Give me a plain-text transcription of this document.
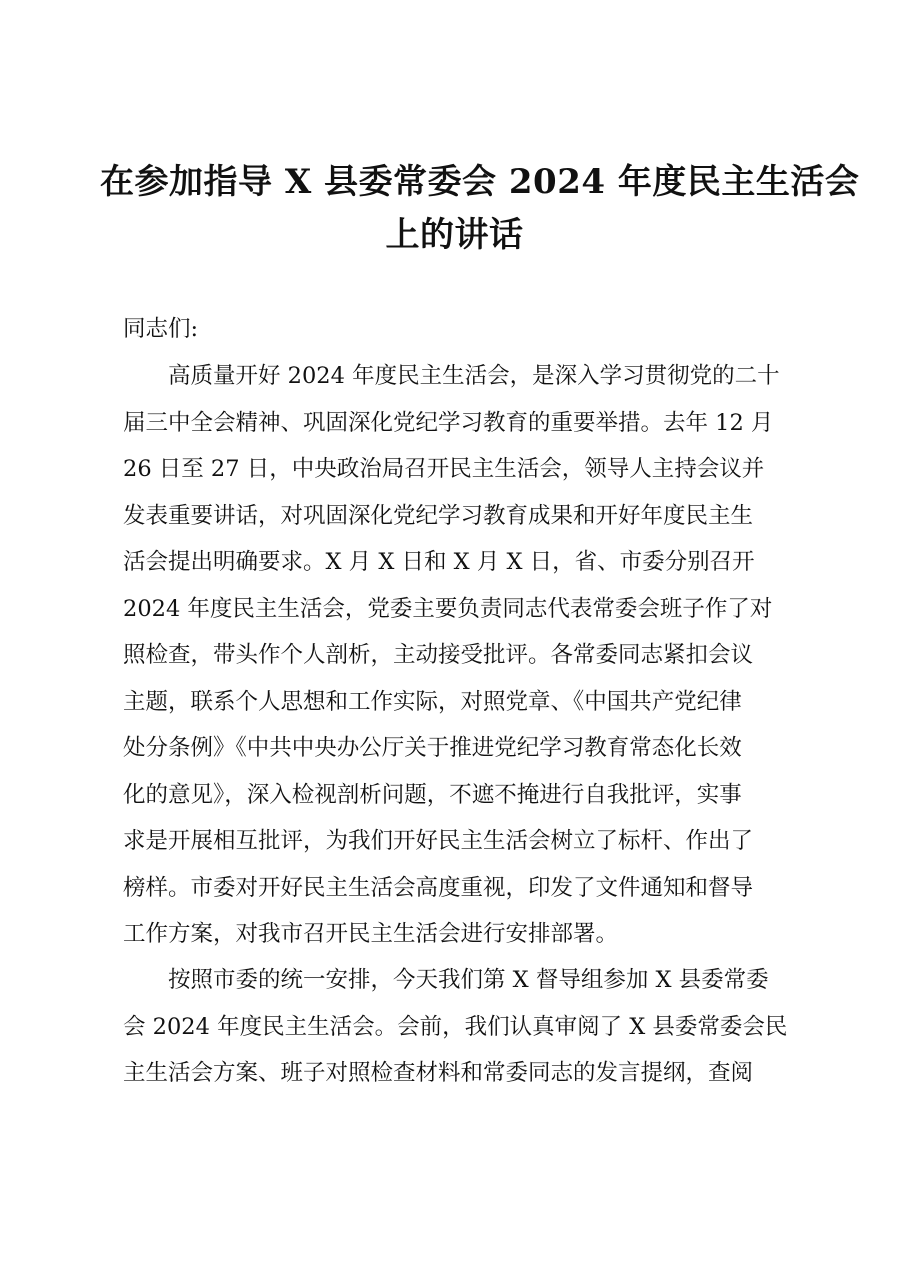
在参加指导 X 县委常委会 2024 年度民主生活会
上的讲话

同志们:

高质量开好 2024 年度民主生活会，是深入学习贯彻党的二十
届三中全会精神、巩固深化党纪学习教育的重要举措。去年 12 月
26 日至 27 日，中央政治局召开民主生活会，领导人主持会议并
发表重要讲话，对巩固深化党纪学习教育成果和开好年度民主生
活会提出明确要求。X 月 X 日和 X 月 X 日，省、市委分别召开
2024 年度民主生活会，党委主要负责同志代表常委会班子作了对
照检查，带头作个人剖析，主动接受批评。各常委同志紧扣会议
主题，联系个人思想和工作实际，对照党章、《中国共产党纪律
处分条例》《中共中央办公厅关于推进党纪学习教育常态化长效
化的意见》，深入检视剖析问题，不遮不掩进行自我批评，实事
求是开展相互批评，为我们开好民主生活会树立了标杆、作出了
榜样。市委对开好民主生活会高度重视，印发了文件通知和督导
工作方案，对我市召开民主生活会进行安排部署。
按照市委的统一安排，今天我们第 X 督导组参加 X 县委常委
会 2024 年度民主生活会。会前，我们认真审阅了 X 县委常委会民
主生活会方案、班子对照检查材料和常委同志的发言提纲，查阅
